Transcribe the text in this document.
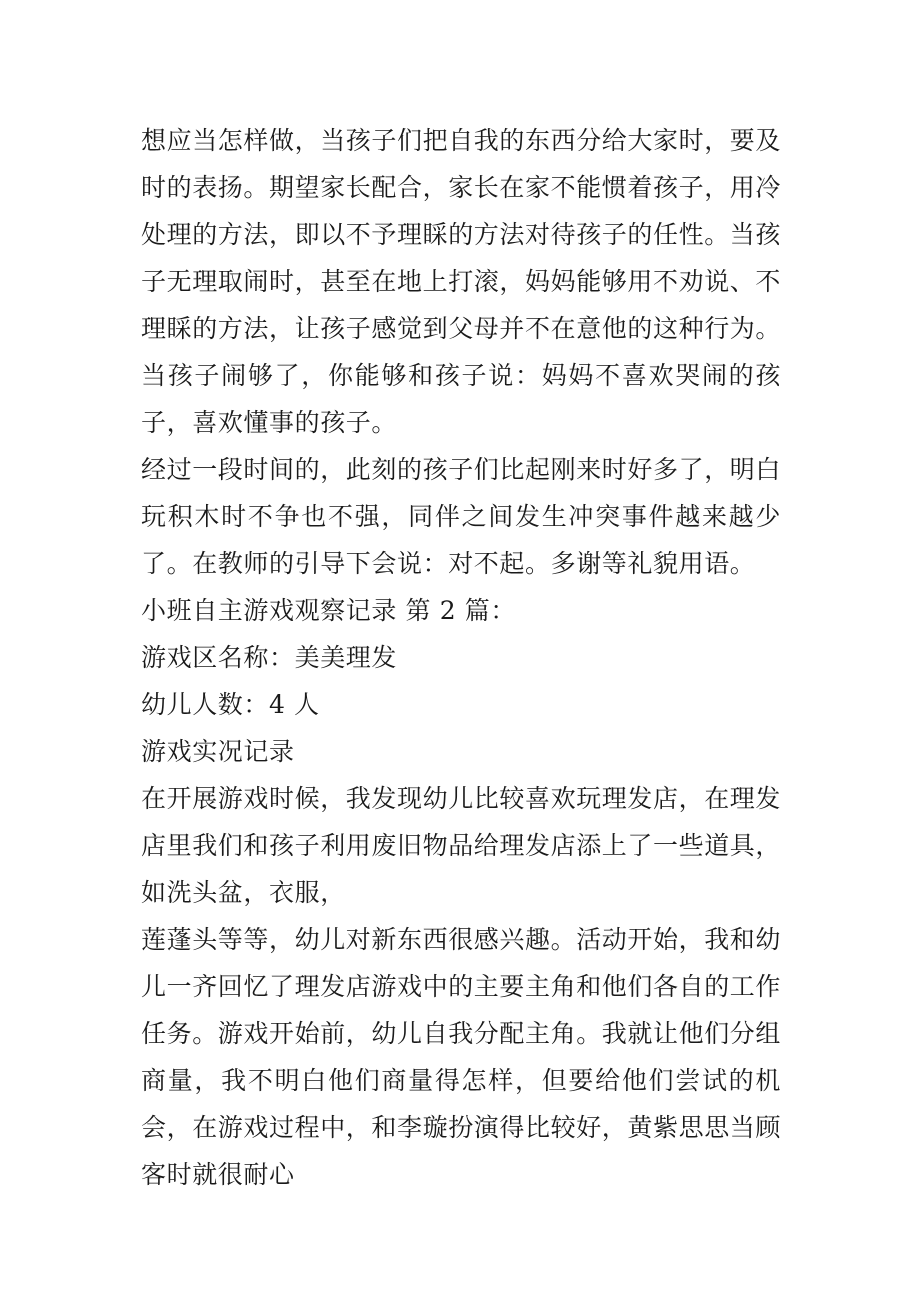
想应当怎样做，当孩子们把自我的东西分给大家时，要及时的表扬。期望家长配合，家长在家不能惯着孩子，用冷处理的方法，即以不予理睬的方法对待孩子的任性。当孩子无理取闹时，甚至在地上打滚，妈妈能够用不劝说、不理睬的方法，让孩子感觉到父母并不在意他的这种行为。当孩子闹够了，你能够和孩子说：妈妈不喜欢哭闹的孩子，喜欢懂事的孩子。

经过一段时间的，此刻的孩子们比起刚来时好多了，明白玩积木时不争也不强，同伴之间发生冲突事件越来越少了。在教师的引导下会说：对不起。多谢等礼貌用语。

小班自主游戏观察记录 第 2 篇：

游戏区名称：美美理发

幼儿人数：4 人

游戏实况记录

在开展游戏时候，我发现幼儿比较喜欢玩理发店，在理发店里我们和孩子利用废旧物品给理发店添上了一些道具，如洗头盆，衣服，

莲蓬头等等，幼儿对新东西很感兴趣。活动开始，我和幼儿一齐回忆了理发店游戏中的主要主角和他们各自的工作任务。游戏开始前，幼儿自我分配主角。我就让他们分组商量，我不明白他们商量得怎样，但要给他们尝试的机会，在游戏过程中，和李璇扮演得比较好，黄紫思思当顾客时就很耐心
